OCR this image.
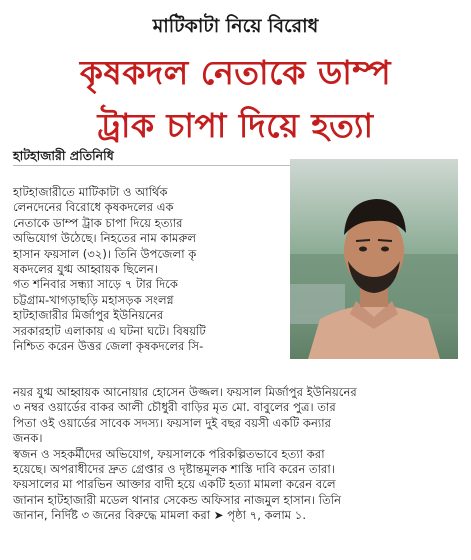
মাটিকাটা নিয়ে বিরোধ
কৃষকদল নেতাকে ডাম্প
ট্রাক চাপা দিয়ে হত্যা
হাটহাজারী প্রতিনিধি

হাটহাজারীতে মাটিকাটা ও আর্থিক

লেনদেনের বিরোধে কৃষকদলের এক

নেতাকে ডাম্প ট্রাক চাপা দিয়ে হত্যার

অভিযোগ উঠেছে। নিহতের নাম কামরুল

হাসান ফয়সাল (৩২)। তিনি উপজেলা কৃ

ষকদলের যুগ্ম আহ্বায়ক ছিলেন।

গত শনিবার সন্ধ্যা সাড়ে ৭ টার দিকে

চট্টগ্রাম-খাগড়াছড়ি মহাসড়ক সংলগ্ন

হাটহাজারীর মির্জাপুর ইউনিয়নের

সরকারহাট এলাকায় এ ঘটনা ঘটে। বিষয়টি

নিশ্চিত করেন উত্তর জেলা কৃষকদলের সি-

নয়র যুগ্ম আহ্বায়ক আনোয়ার হোসেন উজ্জল। ফয়সাল মির্জাপুর ইউনিয়নের

৩ নম্বর ওয়ার্ডের বাকর আলী চৌধুরী বাড়ির মৃত মো. বাবুলের পুত্র। তার

পিতা ওই ওয়ার্ডের সাবেক সদস্য। ফয়সাল দুই বছর বয়সী একটি কন্যার

জনক।

স্বজন ও সহকর্মীদের অভিযোগ, ফয়সালকে পরিকল্পিতভাবে হত্যা করা

হয়েছে। অপরাধীদের দ্রুত গ্রেপ্তার ও দৃষ্টান্তমূলক শাস্তি দাবি করেন তারা।

ফয়সালের মা পারভিন আক্তার বাদী হয়ে একটি হত্যা মামলা করেন বলে

জানান হাটহাজারী মডেল থানার সেকেন্ড অফিসার নাজমুল হাসান। তিনি

জানান, নির্দিষ্ট ৩ জনের বিরুদ্ধে মামলা করা ➤ পৃষ্ঠা ৭, কলাম ১.
